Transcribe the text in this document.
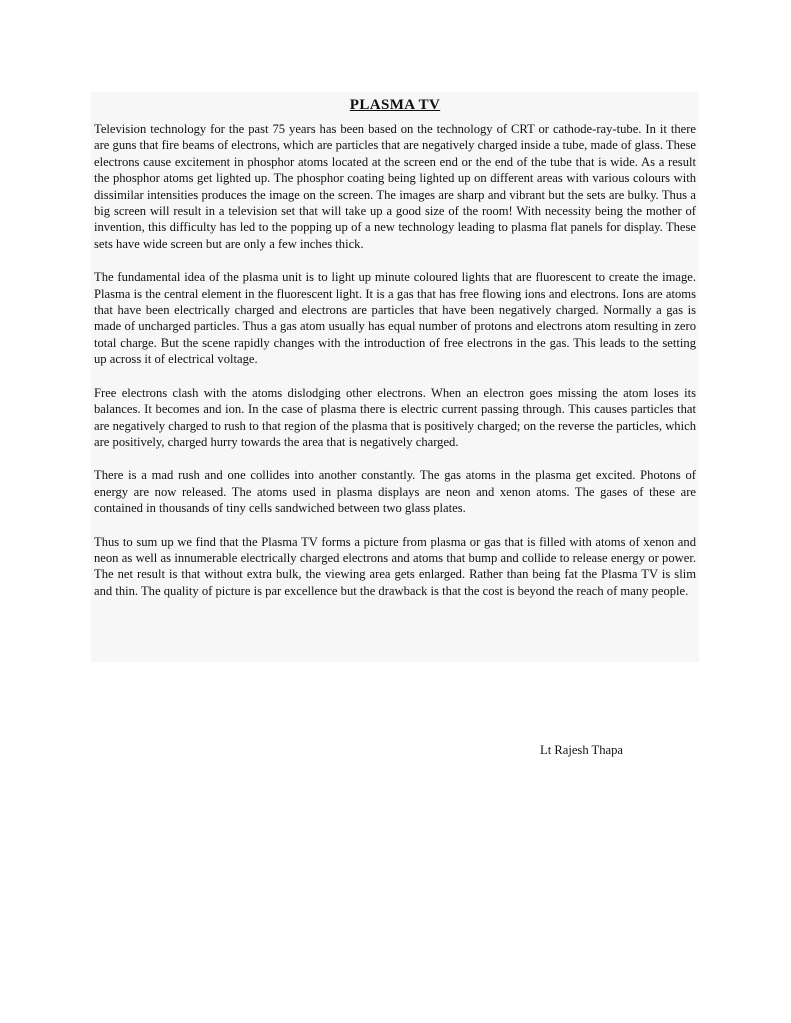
PLASMA TV

Television technology for the past 75 years has been based on the technology of CRT or cathode-ray-tube. In it there are guns that fire beams of electrons, which are particles that are negatively charged inside a tube, made of glass. These electrons cause excitement in phosphor atoms located at the screen end or the end of the tube that is wide. As a result the phosphor atoms get lighted up. The phosphor coating being lighted up on different areas with various colours with dissimilar intensities produces the image on the screen. The images are sharp and vibrant but the sets are bulky. Thus a big screen will result in a television set that will take up a good size of the room! With necessity being the mother of invention, this difficulty has led to the popping up of a new technology leading to plasma flat panels for display. These sets have wide screen but are only a few inches thick.

The fundamental idea of the plasma unit is to light up minute coloured lights that are fluorescent to create the image. Plasma is the central element in the fluorescent light. It is a gas that has free flowing ions and electrons. Ions are atoms that have been electrically charged and electrons are particles that have been negatively charged. Normally a gas is made of uncharged particles. Thus a gas atom usually has equal number of protons and electrons atom resulting in zero total charge. But the scene rapidly changes with the introduction of free electrons in the gas. This leads to the setting up across it of electrical voltage.

Free electrons clash with the atoms dislodging other electrons. When an electron goes missing the atom loses its balances. It becomes and ion. In the case of plasma there is electric current passing through. This causes particles that are negatively charged to rush to that region of the plasma that is positively charged; on the reverse the particles, which are positively, charged hurry towards the area that is negatively charged.

There is a mad rush and one collides into another constantly. The gas atoms in the plasma get excited. Photons of energy are now released. The atoms used in plasma displays are neon and xenon atoms. The gases of these are contained in thousands of tiny cells sandwiched between two glass plates.

Thus to sum up we find that the Plasma TV forms a picture from plasma or gas that is filled with atoms of xenon and neon as well as innumerable electrically charged electrons and atoms that bump and collide to release energy or power. The net result is that without extra bulk, the viewing area gets enlarged. Rather than being fat the Plasma TV is slim and thin. The quality of picture is par excellence but the drawback is that the cost is beyond the reach of many people.

Lt Rajesh Thapa
